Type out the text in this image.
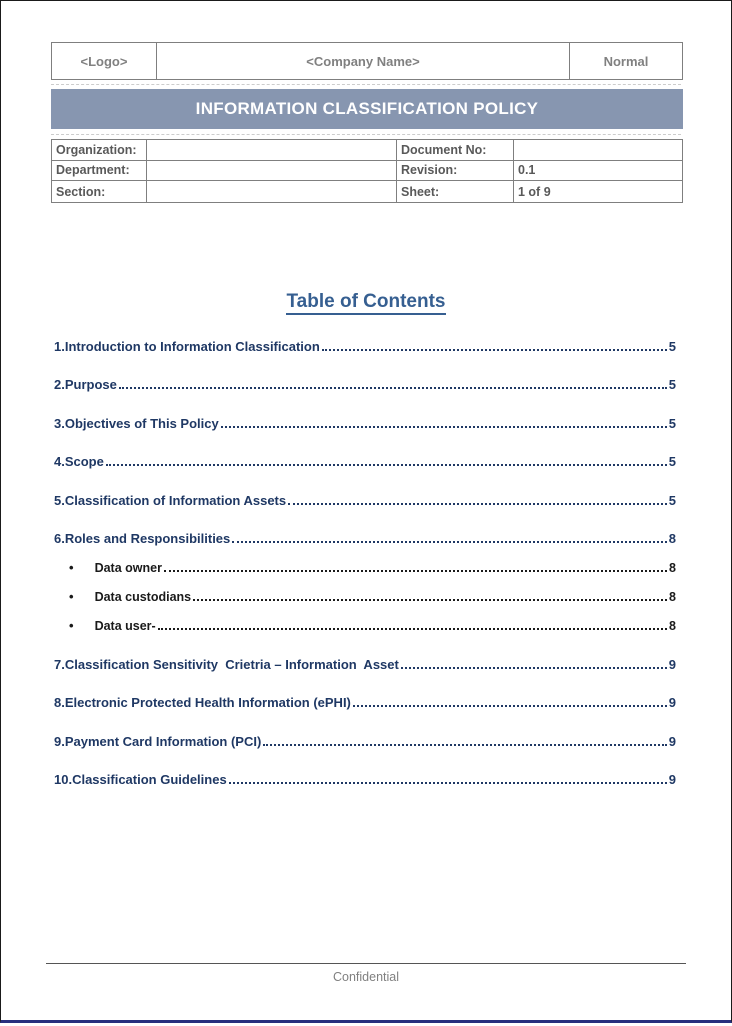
<Logo>	<Company Name>	Normal
INFORMATION CLASSIFICATION POLICY
Organization:	Document No:
Department:	Revision:	0.1
Section:	Sheet:	1 of 9
Table of Contents
1.Introduction to Information Classification	5
2.Purpose	5
3.Objectives of This Policy	5
4.Scope	5
5.Classification of Information Assets	5
6.Roles and Responsibilities	8
• Data owner	8
• Data custodians	8
• Data user-	8
7.Classification Sensitivity  Crietria – Information  Asset	9
8.Electronic Protected Health Information (ePHI)	9
9.Payment Card Information (PCI)	9
10.Classification Guidelines	9
Confidential
